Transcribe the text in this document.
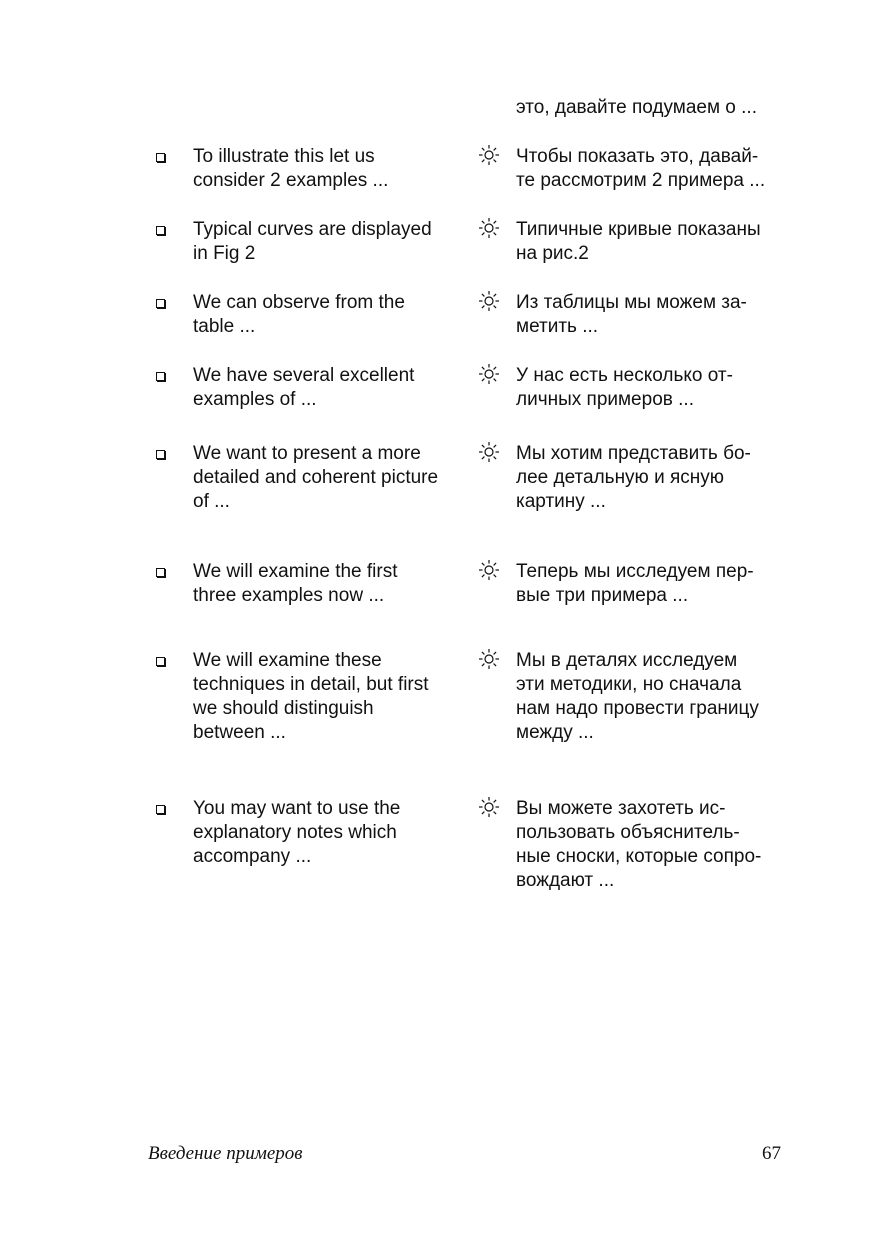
это, давайте подумаем о ...
To illustrate this let us
consider 2 examples ...
Чтобы показать это, давай-
те рассмотрим 2 примера ...
Typical curves are displayed
in Fig 2
Типичные кривые показаны
на рис.2
We can observe from the
table ...
Из таблицы мы можем за-
метить ...
We have several excellent
examples of ...
У нас есть несколько от-
личных примеров ...
We want to present a more
detailed and coherent picture
of ...
Мы хотим представить бо-
лее детальную и ясную
картину ...
We will examine the first
three examples now ...
Теперь мы исследуем пер-
вые три примера ...
We will examine these
techniques in detail, but first
we should distinguish
between ...
Мы в деталях исследуем
эти методики, но сначала
нам надо провести границу
между ...
You may want to use the
explanatory notes which
accompany ...
Вы можете захотеть ис-
пользовать объяснитель-
ные сноски, которые сопро-
вождают ...
Введение примеров	67
